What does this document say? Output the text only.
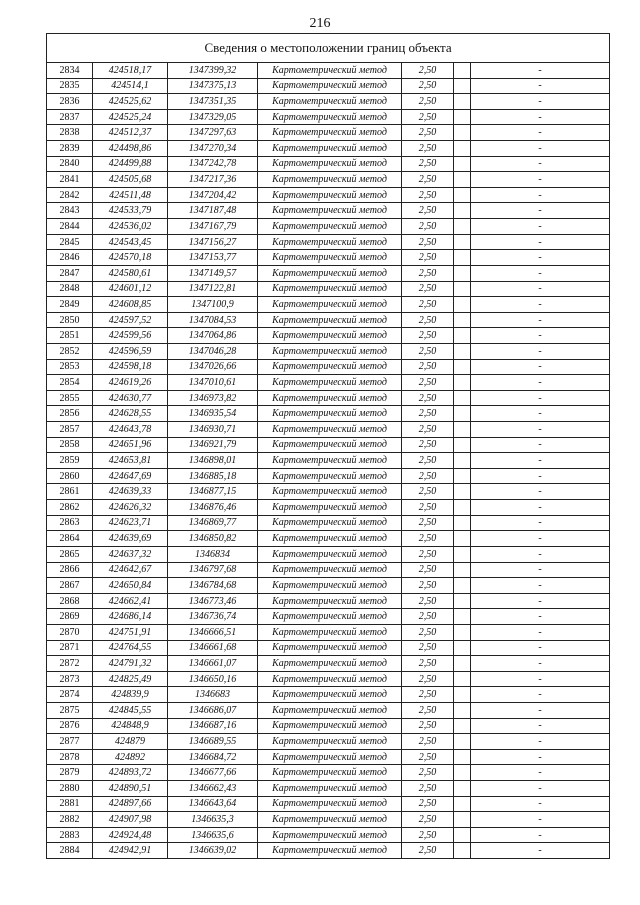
216
Сведения о местоположении границ объекта						
2834	424518,17	1347399,32	Картометрический метод	2,50		-
2835	424514,1	1347375,13	Картометрический метод	2,50		-
2836	424525,62	1347351,35	Картометрический метод	2,50		-
2837	424525,24	1347329,05	Картометрический метод	2,50		-
2838	424512,37	1347297,63	Картометрический метод	2,50		-
2839	424498,86	1347270,34	Картометрический метод	2,50		-
2840	424499,88	1347242,78	Картометрический метод	2,50		-
2841	424505,68	1347217,36	Картометрический метод	2,50		-
2842	424511,48	1347204,42	Картометрический метод	2,50		-
2843	424533,79	1347187,48	Картометрический метод	2,50		-
2844	424536,02	1347167,79	Картометрический метод	2,50		-
2845	424543,45	1347156,27	Картометрический метод	2,50		-
2846	424570,18	1347153,77	Картометрический метод	2,50		-
2847	424580,61	1347149,57	Картометрический метод	2,50		-
2848	424601,12	1347122,81	Картометрический метод	2,50		-
2849	424608,85	1347100,9	Картометрический метод	2,50		-
2850	424597,52	1347084,53	Картометрический метод	2,50		-
2851	424599,56	1347064,86	Картометрический метод	2,50		-
2852	424596,59	1347046,28	Картометрический метод	2,50		-
2853	424598,18	1347026,66	Картометрический метод	2,50		-
2854	424619,26	1347010,61	Картометрический метод	2,50		-
2855	424630,77	1346973,82	Картометрический метод	2,50		-
2856	424628,55	1346935,54	Картометрический метод	2,50		-
2857	424643,78	1346930,71	Картометрический метод	2,50		-
2858	424651,96	1346921,79	Картометрический метод	2,50		-
2859	424653,81	1346898,01	Картометрический метод	2,50		-
2860	424647,69	1346885,18	Картометрический метод	2,50		-
2861	424639,33	1346877,15	Картометрический метод	2,50		-
2862	424626,32	1346876,46	Картометрический метод	2,50		-
2863	424623,71	1346869,77	Картометрический метод	2,50		-
2864	424639,69	1346850,82	Картометрический метод	2,50		-
2865	424637,32	1346834	Картометрический метод	2,50		-
2866	424642,67	1346797,68	Картометрический метод	2,50		-
2867	424650,84	1346784,68	Картометрический метод	2,50		-
2868	424662,41	1346773,46	Картометрический метод	2,50		-
2869	424686,14	1346736,74	Картометрический метод	2,50		-
2870	424751,91	1346666,51	Картометрический метод	2,50		-
2871	424764,55	1346661,68	Картометрический метод	2,50		-
2872	424791,32	1346661,07	Картометрический метод	2,50		-
2873	424825,49	1346650,16	Картометрический метод	2,50		-
2874	424839,9	1346683	Картометрический метод	2,50		-
2875	424845,55	1346686,07	Картометрический метод	2,50		-
2876	424848,9	1346687,16	Картометрический метод	2,50		-
2877	424879	1346689,55	Картометрический метод	2,50		-
2878	424892	1346684,72	Картометрический метод	2,50		-
2879	424893,72	1346677,66	Картометрический метод	2,50		-
2880	424890,51	1346662,43	Картометрический метод	2,50		-
2881	424897,66	1346643,64	Картометрический метод	2,50		-
2882	424907,98	1346635,3	Картометрический метод	2,50		-
2883	424924,48	1346635,6	Картометрический метод	2,50		-
2884	424942,91	1346639,02	Картометрический метод	2,50		-
